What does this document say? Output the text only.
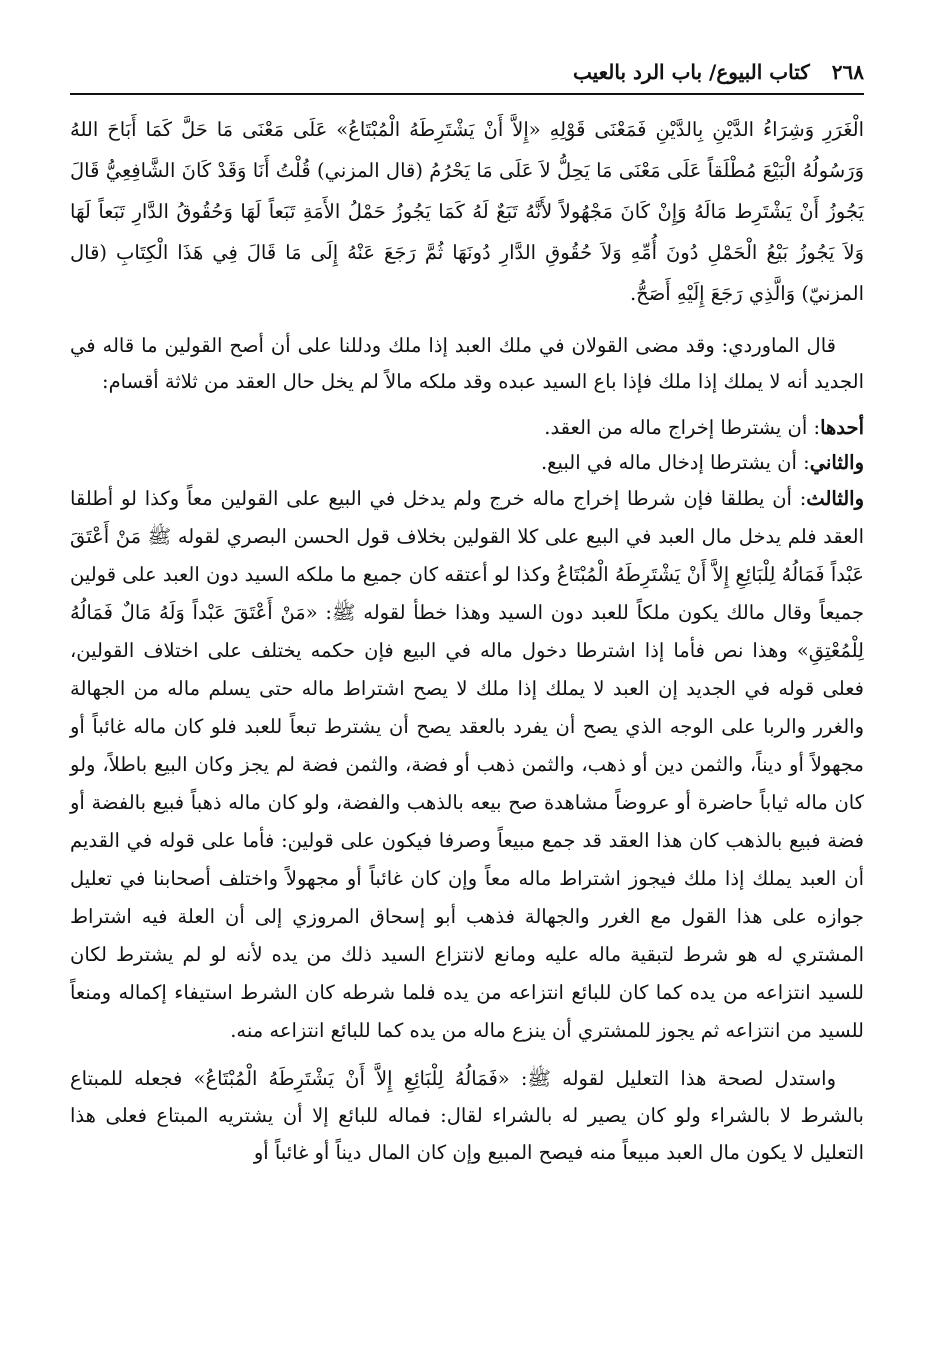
٢٦٨
كتاب البيوع/ باب الرد بالعيب
الْغَرَرِ وَشِرَاءُ الدَّيْنِ بِالدَّيْنِ فَمَعْنَى قَوْلِهِ «إِلاَّ أَنْ يَشْتَرِطَهُ الْمُبْتَاعُ» عَلَى مَعْنَى مَا حَلَّ كَمَا أَبَاحَ اللهُ وَرَسُولُهُ الْبَيْعَ مُطْلَقاً عَلَى مَعْنَى مَا يَحِلُّ لاَ عَلَى مَا يَحْرُمُ (قال المزني) قُلْتُ أَنَا وَقَدْ كَانَ الشَّافِعِيُّ قَالَ يَجُوزُ أَنْ يَشْتَرِط مَالَهُ وَإِنْ كَانَ مَجْهُولاً لأَنَّهُ تَبَعٌ لَهُ كَمَا يَجُوزُ حَمْلُ الأَمَةِ تَبَعاً لَهَا وَحُقُوقُ الدَّارِ تَبَعاً لَهَا وَلاَ يَجُوزُ بَيْعُ الْحَمْلِ دُونَ أُمِّهِ وَلاَ حُقُوقِ الدَّارِ دُونَهَا ثُمَّ رَجَعَ عَنْهُ إِلَى مَا قَالَ فِي هَذَا الْكِتَابِ (قال المزنيّ) وَالَّذِي رَجَعَ إِلَيْهِ أَصَحُّ.
قال الماوردي: وقد مضى القولان في ملك العبد إذا ملك ودللنا على أن أصح القولين ما قاله في الجديد أنه لا يملك إذا ملك فإذا باع السيد عبده وقد ملكه مالاً لم يخل حال العقد من ثلاثة أقسام:
أحدها: أن يشترطا إخراج ماله من العقد.
والثاني: أن يشترطا إدخال ماله في البيع.
والثالث: أن يطلقا فإن شرطا إخراج ماله خرج ولم يدخل في البيع على القولين معاً وكذا لو أطلقا العقد فلم يدخل مال العبد في البيع على كلا القولين بخلاف قول الحسن البصري لقوله ﷺ مَنْ أَعْتَقَ عَبْداً فَمَالُهُ لِلْبَائِعِ إِلاَّ أَنْ يَشْتَرِطَهُ الْمُبْتَاعُ وكذا لو أعتقه كان جميع ما ملكه السيد دون العبد على قولين جميعاً وقال مالك يكون ملكاً للعبد دون السيد وهذا خطأ لقوله ﷺ: «مَنْ أَعْتَقَ عَبْداً وَلَهُ مَالٌ فَمَالُهُ لِلْمُعْتِقِ» وهذا نص فأما إذا اشترطا دخول ماله في البيع فإن حكمه يختلف على اختلاف القولين، فعلى قوله في الجديد إن العبد لا يملك إذا ملك لا يصح اشتراط ماله حتى يسلم ماله من الجهالة والغرر والربا على الوجه الذي يصح أن يفرد بالعقد يصح أن يشترط تبعاً للعبد فلو كان ماله غائباً أو مجهولاً أو ديناً، والثمن دين أو ذهب، والثمن ذهب أو فضة، والثمن فضة لم يجز وكان البيع باطلاً، ولو كان ماله ثياباً حاضرة أو عروضاً مشاهدة صح بيعه بالذهب والفضة، ولو كان ماله ذهباً فبيع بالفضة أو فضة فبيع بالذهب كان هذا العقد قد جمع مبيعاً وصرفا فيكون على قولين: فأما على قوله في القديم أن العبد يملك إذا ملك فيجوز اشتراط ماله معاً وإن كان غائباً أو مجهولاً واختلف أصحابنا في تعليل جوازه على هذا القول مع الغرر والجهالة فذهب أبو إسحاق المروزي إلى أن العلة فيه اشتراط المشتري له هو شرط لتبقية ماله عليه ومانع لانتزاع السيد ذلك من يده لأنه لو لم يشترط لكان للسيد انتزاعه من يده كما كان للبائع انتزاعه من يده فلما شرطه كان الشرط استيفاء إكماله ومنعاً للسيد من انتزاعه ثم يجوز للمشتري أن ينزع ماله من يده كما للبائع انتزاعه منه.
واستدل لصحة هذا التعليل لقوله ﷺ: «فَمَالُهُ لِلْبَائِعِ إِلاَّ أَنْ يَشْتَرِطَهُ الْمُبْتَاعُ» فجعله للمبتاع بالشرط لا بالشراء ولو كان يصير له بالشراء لقال: فماله للبائع إلا أن يشتريه المبتاع فعلى هذا التعليل لا يكون مال العبد مبيعاً منه فيصح المبيع وإن كان المال ديناً أو غائباً أو
